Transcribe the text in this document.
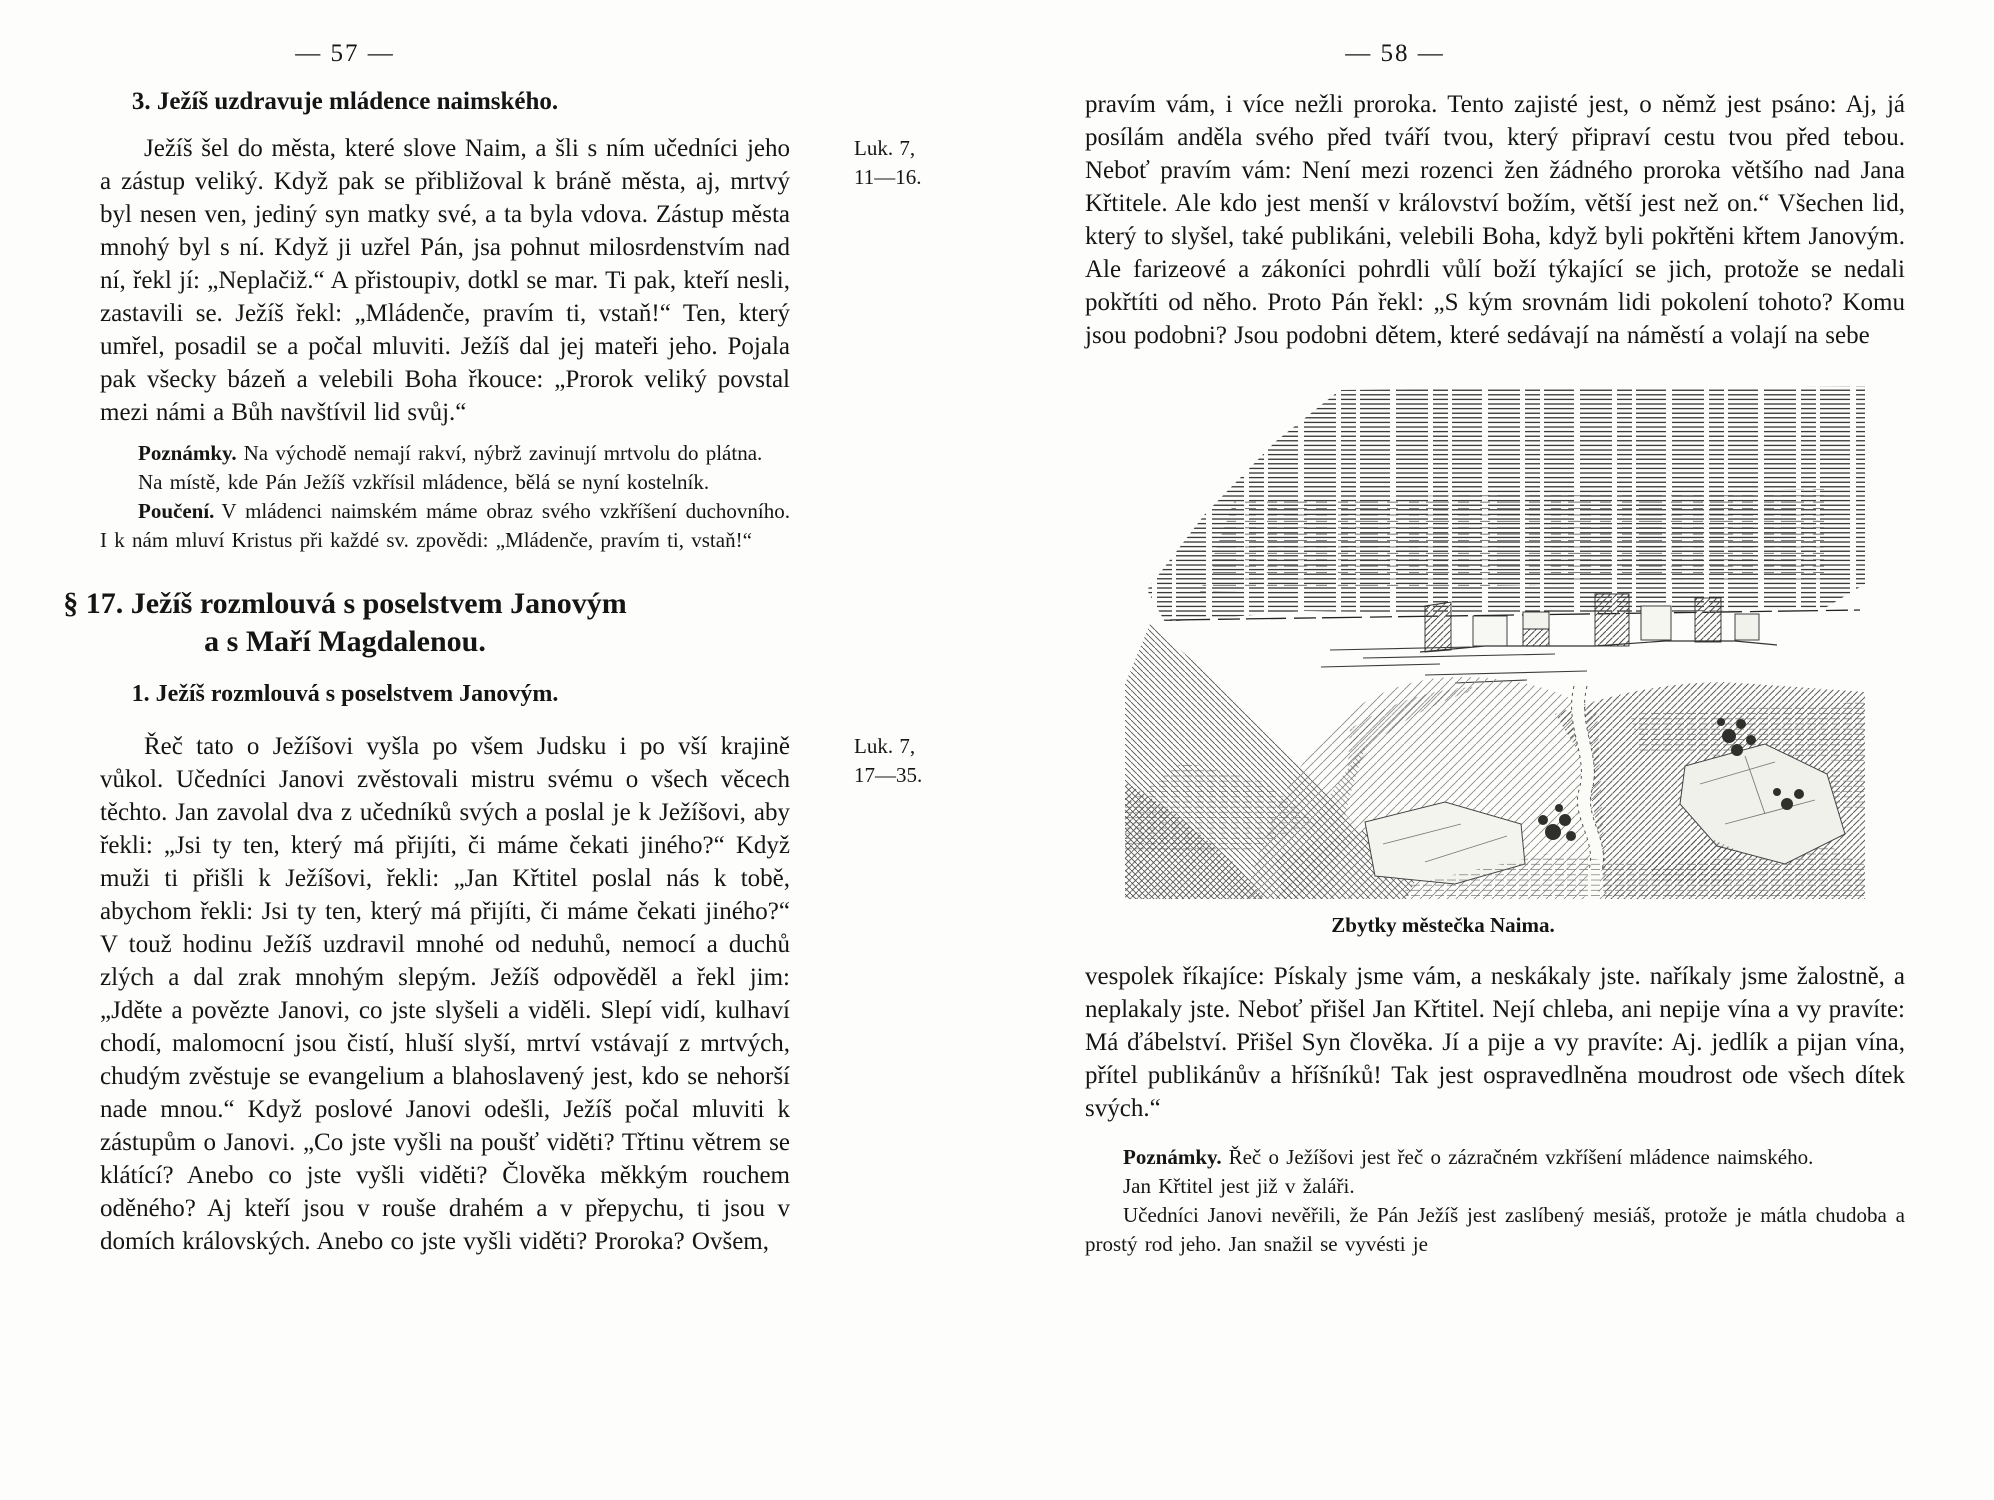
— 57 —
3. Ježíš uzdravuje mládence naimského.

Ježíš šel do města, které slove Naim, a šli s ním učedníci jeho a zástup veliký. Když pak se přibližoval k bráně města, aj, mrtvý byl nesen ven, jediný syn matky své, a ta byla vdova. Zástup města mnohý byl s ní. Když ji uzřel Pán, jsa pohnut milosrdenstvím nad ní, řekl jí: „Neplačiž.“ A přistoupiv, dotkl se mar. Ti pak, kteří nesli, zastavili se. Ježíš řekl: „Mládenče, pravím ti, vstaň!“ Ten, který umřel, posadil se a počal mluviti. Ježíš dal jej mateři jeho. Pojala pak všecky bázeň a velebili Boha řkouce: „Prorok veliký povstal mezi námi a Bůh navštívil lid svůj.“
Luk. 7,
11—16.

Poznámky. Na východě nemají rakví, nýbrž zavinují mrtvolu do plátna.

Na místě, kde Pán Ježíš vzkřísil mládence, bělá se nyní kostelník.

Poučení. V mládenci naimském máme obraz svého vzkříšení duchovního. I k nám mluví Kristus při každé sv. zpovědi: „Mládenče, pravím ti, vstaň!“

§ 17. Ježíš rozmlouvá s poselstvem Janovým
a s Maří Magdalenou.
1. Ježíš rozmlouvá s poselstvem Janovým.

Řeč tato o Ježíšovi vyšla po všem Judsku i po vší krajině vůkol. Učedníci Janovi zvěstovali mistru svému o všech věcech těchto. Jan zavolal dva z učedníků svých a poslal je k Ježíšovi, aby řekli: „Jsi ty ten, který má přijíti, či máme čekati jiného?“ Když muži ti přišli k Ježíšovi, řekli: „Jan Křtitel poslal nás k tobě, abychom řekli: Jsi ty ten, který má přijíti, či máme čekati jiného?“ V touž hodinu Ježíš uzdravil mnohé od neduhů, nemocí a duchů zlých a dal zrak mnohým slepým. Ježíš odpověděl a řekl jim: „Jděte a povězte Janovi, co jste slyšeli a viděli. Slepí vidí, kulhaví chodí, malomocní jsou čistí, hluší slyší, mrtví vstávají z mrtvých, chudým zvěstuje se evangelium a blahoslavený jest, kdo se nehorší nade mnou.“ Když poslové Janovi odešli, Ježíš počal mluviti k zástupům o Janovi. „Co jste vyšli na poušť viděti? Třtinu větrem se klátící? Anebo co jste vyšli viděti? Člověka měkkým rouchem oděného? Aj kteří jsou v rouše drahém a v přepychu, ti jsou v domích královských. Anebo co jste vyšli viděti? Proroka? Ovšem,
Luk. 7,
17—35.

— 58 —

pravím vám, i více nežli proroka. Tento zajisté jest, o němž jest psáno: Aj, já posílám anděla svého před tváří tvou, který připraví cestu tvou před tebou. Neboť pravím vám: Není mezi rozenci žen žádného proroka většího nad Jana Křtitele. Ale kdo jest menší v království božím, větší jest než on.“ Všechen lid, který to slyšel, také publikáni, velebili Boha, když byli pokřtěni křtem Janovým. Ale farizeové a zákoníci pohrdli vůlí boží týkající se jich, protože se nedali pokřtíti od něho. Proto Pán řekl: „S kým srovnám lidi pokolení tohoto? Komu jsou podobni? Jsou podobni dětem, které sedávají na náměstí a volají na sebe

Zbytky městečka Naima.

vespolek říkajíce: Pískaly jsme vám, a neskákaly jste. naříkaly jsme žalostně, a neplakaly jste. Neboť přišel Jan Křtitel. Nejí chleba, ani nepije vína a vy pravíte: Má ďábelství. Přišel Syn člověka. Jí a pije a vy pravíte: Aj. jedlík a pijan vína, přítel publikánův a hříšníků! Tak jest ospravedlněna moudrost ode všech dítek svých.“

Poznámky. Řeč o Ježíšovi jest řeč o zázračném vzkříšení mládence naimského.

Jan Křtitel jest již v žaláři.

Učedníci Janovi nevěřili, že Pán Ježíš jest zaslíbený mesiáš, protože je mátla chudoba a prostý rod jeho. Jan snažil se vyvésti je
